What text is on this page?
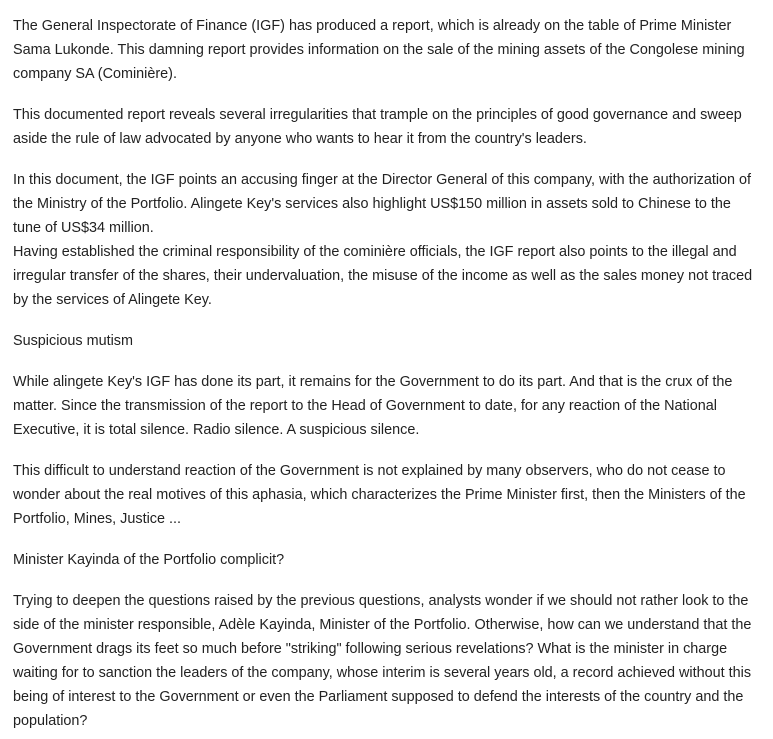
The General Inspectorate of Finance (IGF) has produced a report, which is already on the table of Prime Minister Sama Lukonde. This damning report provides information on the sale of the mining assets of the Congolese mining company SA (Cominière).

This documented report reveals several irregularities that trample on the principles of good governance and sweep aside the rule of law advocated by anyone who wants to hear it from the country's leaders.

In this document, the IGF points an accusing finger at the Director General of this company, with the authorization of the Ministry of the Portfolio. Alingete Key's services also highlight US$150 million in assets sold to Chinese to the tune of US$34 million.

Having established the criminal responsibility of the cominière officials, the IGF report also points to the illegal and irregular transfer of the shares, their undervaluation, the misuse of the income as well as the sales money not traced by the services of Alingete Key.

Suspicious mutism

While alingete Key's IGF has done its part, it remains for the Government to do its part. And that is the crux of the matter. Since the transmission of the report to the Head of Government to date, for any reaction of the National Executive, it is total silence. Radio silence. A suspicious silence.

This difficult to understand reaction of the Government is not explained by many observers, who do not cease to wonder about the real motives of this aphasia, which characterizes the Prime Minister first, then the Ministers of the Portfolio, Mines, Justice ...

Minister Kayinda of the Portfolio complicit?

Trying to deepen the questions raised by the previous questions, analysts wonder if we should not rather look to the side of the minister responsible, Adèle Kayinda, Minister of the Portfolio. Otherwise, how can we understand that the Government drags its feet so much before "striking" following serious revelations? What is the minister in charge waiting for to sanction the leaders of the company, whose interim is several years old, a record achieved without this being of interest to the Government or even the Parliament supposed to defend the interests of the country and the population?
